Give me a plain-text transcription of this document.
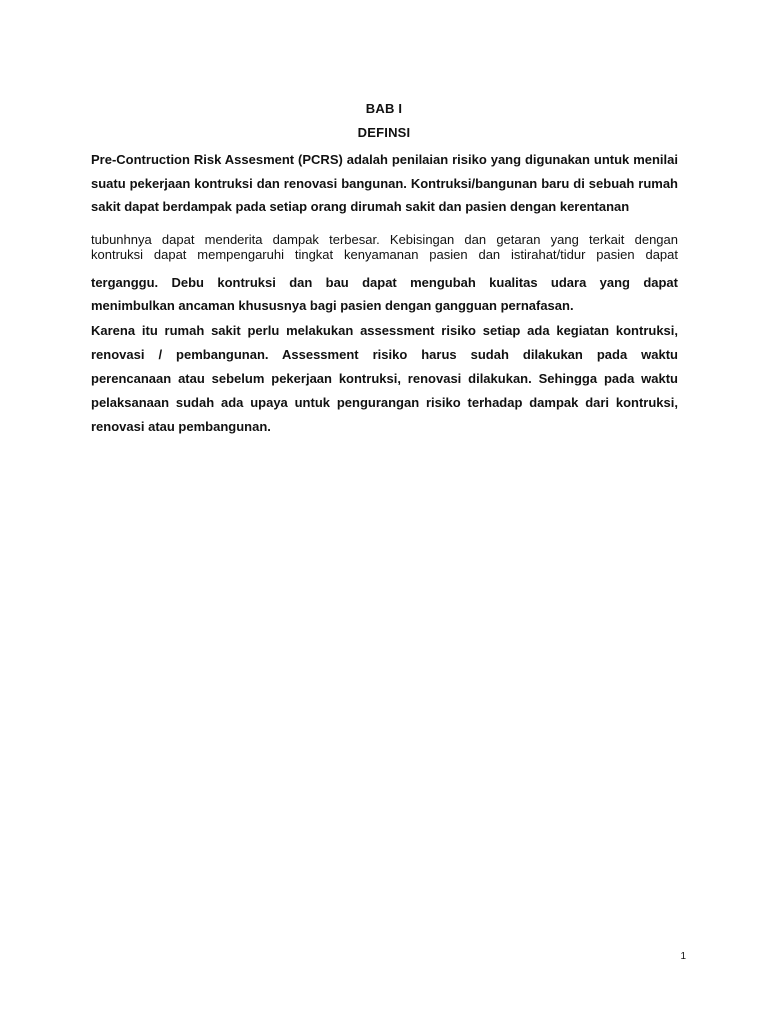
BAB I
DEFINSI
Pre-Contruction Risk Assesment (PCRS) adalah penilaian risiko yang digunakan untuk menilai
suatu pekerjaan kontruksi dan renovasi bangunan. Kontruksi/bangunan baru di sebuah rumah
sakit dapat berdampak pada setiap orang dirumah sakit dan pasien dengan kerentanan
tubunhnya dapat menderita dampak terbesar. Kebisingan dan getaran yang terkait dengan
kontruksi dapat mempengaruhi tingkat kenyamanan pasien dan istirahat/tidur pasien dapat
terganggu. Debu kontruksi dan bau dapat mengubah kualitas udara yang dapat
menimbulkan ancaman khususnya bagi pasien dengan gangguan pernafasan.
Karena itu rumah sakit perlu melakukan assessment risiko setiap ada kegiatan kontruksi,
renovasi / pembangunan. Assessment risiko harus sudah dilakukan pada waktu
perencanaan atau sebelum pekerjaan kontruksi, renovasi dilakukan. Sehingga pada waktu
pelaksanaan sudah ada upaya untuk pengurangan risiko terhadap dampak dari kontruksi,
renovasi atau pembangunan.
1
